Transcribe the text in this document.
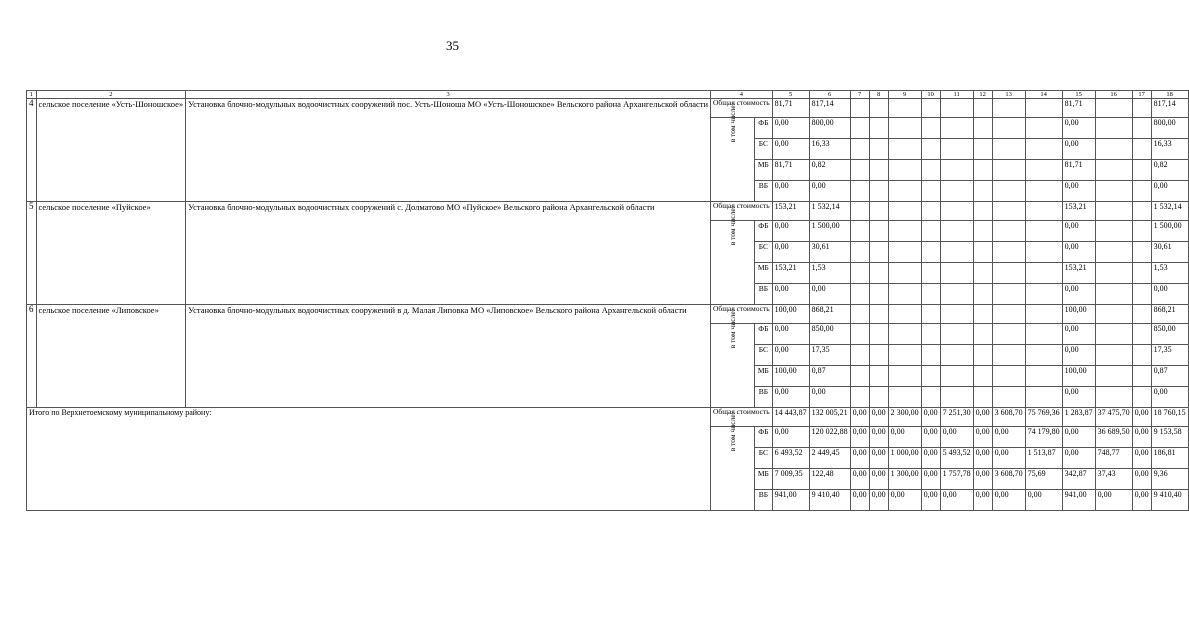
35
1	2	3	4		5	6	7	8	9	10	11	12	13	14	15	16	17	18
4	сельское поселение «Усть-Шоношское»	Установка блочно-модульных водоочистных сооружений пос. Усть-Шоноша МО «Усть-Шоношское» Вельского района Архангельской области	Общая стоимость		81,71	817,14									81,71			817,14
			в том числе:	ФБ	0,00	800,00									0,00			800,00
				БС	0,00	16,33									0,00			16,33
				МБ	81,71	0,82									81,71			0,82
				ВБ	0,00	0,00									0,00			0,00
5	сельское поселение «Пуйское»	Установка блочно-модульных водоочистных сооружений с. Долматово МО «Пуйское» Вельского района Архангельской области	Общая стоимость		153,21	1 532,14									153,21			1 532,14
			в том числе:	ФБ	0,00	1 500,00									0,00			1 500,00
				БС	0,00	30,61									0,00			30,61
				МБ	153,21	1,53									153,21			1,53
				ВБ	0,00	0,00									0,00			0,00
6	сельское поселение «Липовское»	Установка блочно-модульных водоочистных сооружений в д. Малая Липовка МО «Липовское» Вельского района Архангельской области	Общая стоимость		100,00	868,21									100,00			868,21
			в том числе:	ФБ	0,00	850,00									0,00			850,00
				БС	0,00	17,35									0,00			17,35
				МБ	100,00	0,87									100,00			0,87
				ВБ	0,00	0,00									0,00			0,00
Итого по Верхнетоемскому муниципальному району:			Общая стоимость		14 443,87	132 005,21	0,00	0,00	2 300,00	0,00	7 251,30	0,00	3 608,70	75 769,36	1 283,87	37 475,70	0,00	18 760,15
			в том числе:	ФБ	0,00	120 022,88	0,00	0,00	0,00	0,00	0,00	0,00	0,00	74 179,80	0,00	36 689,50	0,00	9 153,58
				БС	6 493,52	2 449,45	0,00	0,00	1 000,00	0,00	5 493,52	0,00	0,00	1 513,87	0,00	748,77	0,00	186,81
				МБ	7 009,35	122,48	0,00	0,00	1 300,00	0,00	1 757,78	0,00	3 608,70	75,69	342,87	37,43	0,00	9,36
				ВБ	941,00	9 410,40	0,00	0,00	0,00	0,00	0,00	0,00	0,00	0,00	941,00	0,00	0,00	9 410,40
